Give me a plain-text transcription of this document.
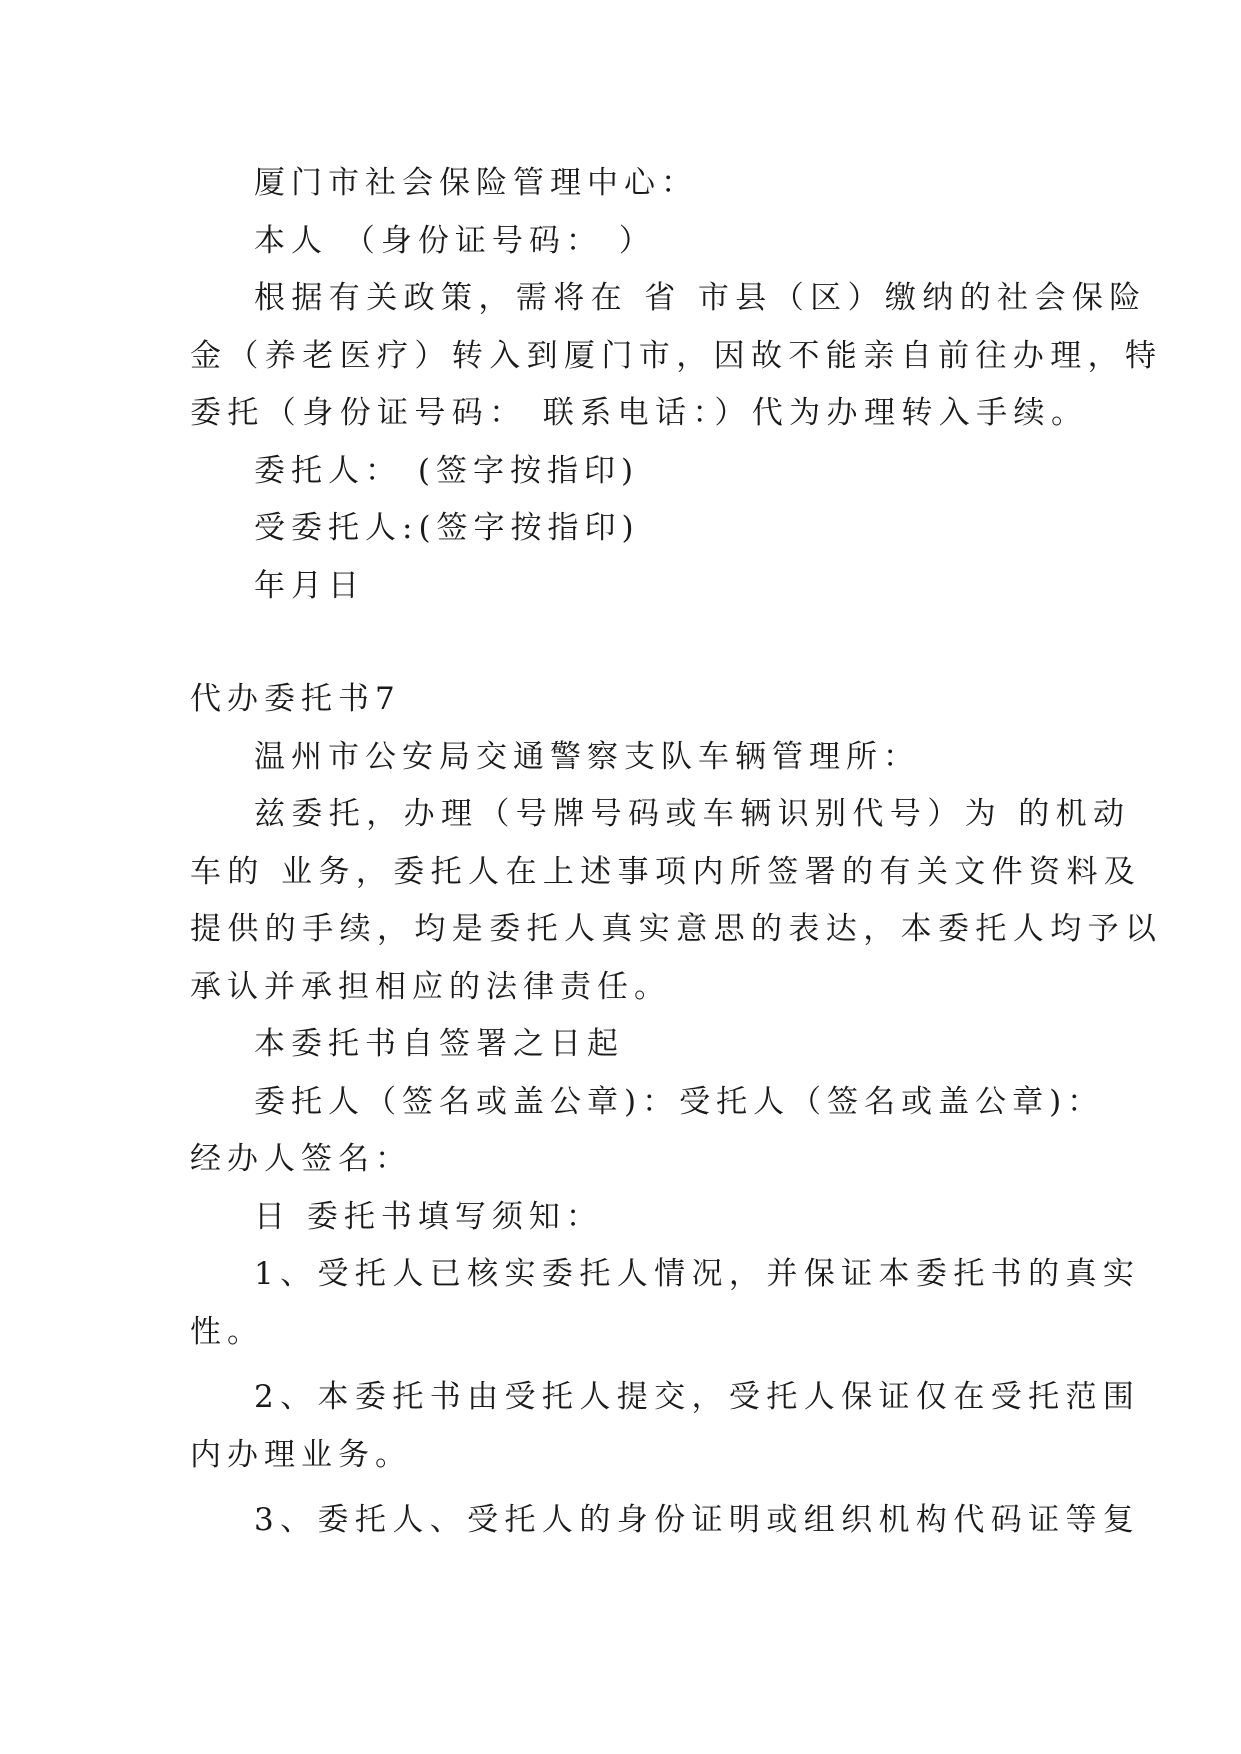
厦门市社会保险管理中心：

本人 （身份证号码： ）

根据有关政策，需将在 省 市县（区）缴纳的社会保险

金（养老医疗）转入到厦门市，因故不能亲自前往办理，特

委托（身份证号码： 联系电话：）代为办理转入手续。

委托人： (签字按指印)

受委托人:(签字按指印)

年月日

代办委托书7

温州市公安局交通警察支队车辆管理所：

兹委托，办理（号牌号码或车辆识别代号）为 的机动

车的 业务，委托人在上述事项内所签署的有关文件资料及

提供的手续，均是委托人真实意思的表达，本委托人均予以

承认并承担相应的法律责任。

本委托书自签署之日起

委托人（签名或盖公章)：受托人（签名或盖公章)：

经办人签名：

日 委托书填写须知：

1、受托人已核实委托人情况，并保证本委托书的真实

性。

2、本委托书由受托人提交，受托人保证仅在受托范围

内办理业务。

3、委托人、受托人的身份证明或组织机构代码证等复
